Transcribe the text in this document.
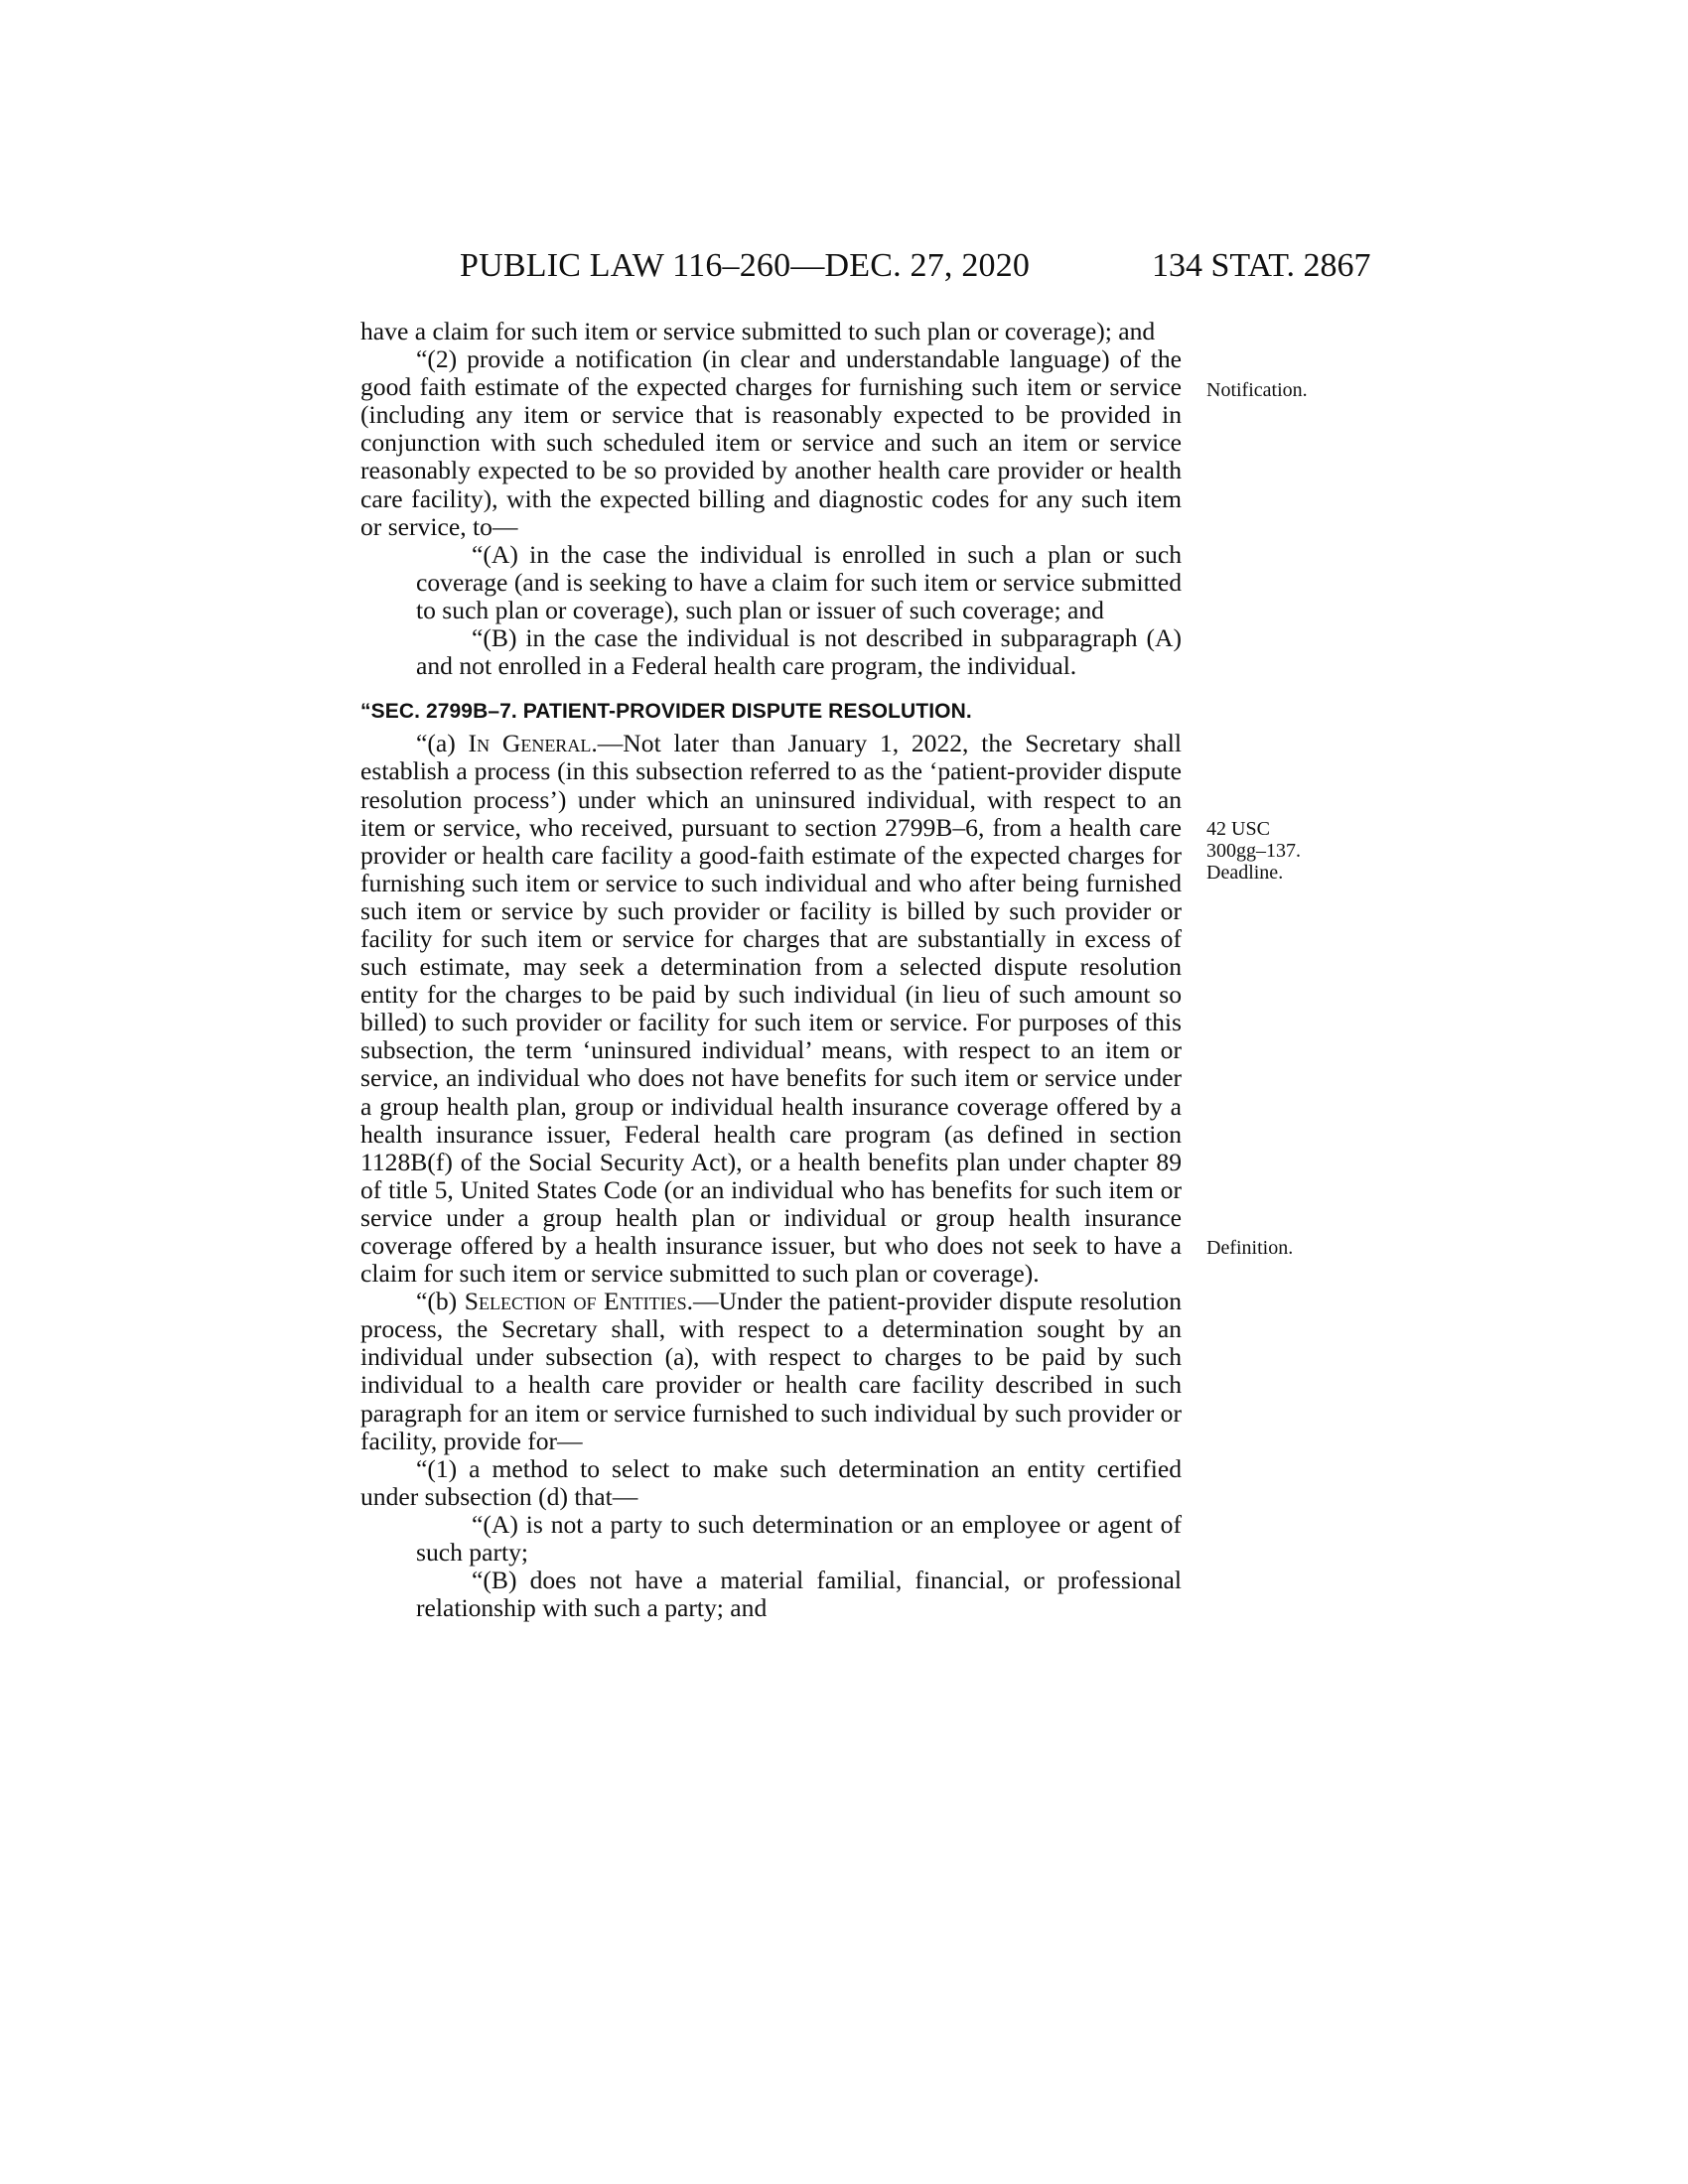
PUBLIC LAW 116–260—DEC. 27, 2020	134 STAT. 2867

have a claim for such item or service submitted to such plan or coverage); and

“(2) provide a notification (in clear and understandable language) of the good faith estimate of the expected charges for furnishing such item or service (including any item or service that is reasonably expected to be provided in conjunction with such scheduled item or service and such an item or service reasonably expected to be so provided by another health care provider or health care facility), with the expected billing and diagnostic codes for any such item or service, to—

“(A) in the case the individual is enrolled in such a plan or such coverage (and is seeking to have a claim for such item or service submitted to such plan or coverage), such plan or issuer of such coverage; and

“(B) in the case the individual is not described in subparagraph (A) and not enrolled in a Federal health care program, the individual.

“SEC. 2799B–7. PATIENT-PROVIDER DISPUTE RESOLUTION.

“(a) In General.—Not later than January 1, 2022, the Secretary shall establish a process (in this subsection referred to as the ‘patient-provider dispute resolution process’) under which an uninsured individual, with respect to an item or service, who received, pursuant to section 2799B–6, from a health care provider or health care facility a good-faith estimate of the expected charges for furnishing such item or service to such individual and who after being furnished such item or service by such provider or facility is billed by such provider or facility for such item or service for charges that are substantially in excess of such estimate, may seek a determination from a selected dispute resolution entity for the charges to be paid by such individual (in lieu of such amount so billed) to such provider or facility for such item or service. For purposes of this subsection, the term ‘uninsured individual’ means, with respect to an item or service, an individual who does not have benefits for such item or service under a group health plan, group or individual health insurance coverage offered by a health insurance issuer, Federal health care program (as defined in section 1128B(f) of the Social Security Act), or a health benefits plan under chapter 89 of title 5, United States Code (or an individual who has benefits for such item or service under a group health plan or individual or group health insurance coverage offered by a health insurance issuer, but who does not seek to have a claim for such item or service submitted to such plan or coverage).

“(b) Selection of Entities.—Under the patient-provider dispute resolution process, the Secretary shall, with respect to a determination sought by an individual under subsection (a), with respect to charges to be paid by such individual to a health care provider or health care facility described in such paragraph for an item or service furnished to such individual by such provider or facility, provide for—

“(1) a method to select to make such determination an entity certified under subsection (d) that—

“(A) is not a party to such determination or an employee or agent of such party;

“(B) does not have a material familial, financial, or professional relationship with such a party; and

Notification.
42 USC
300gg–137.
Deadline.
Definition.
